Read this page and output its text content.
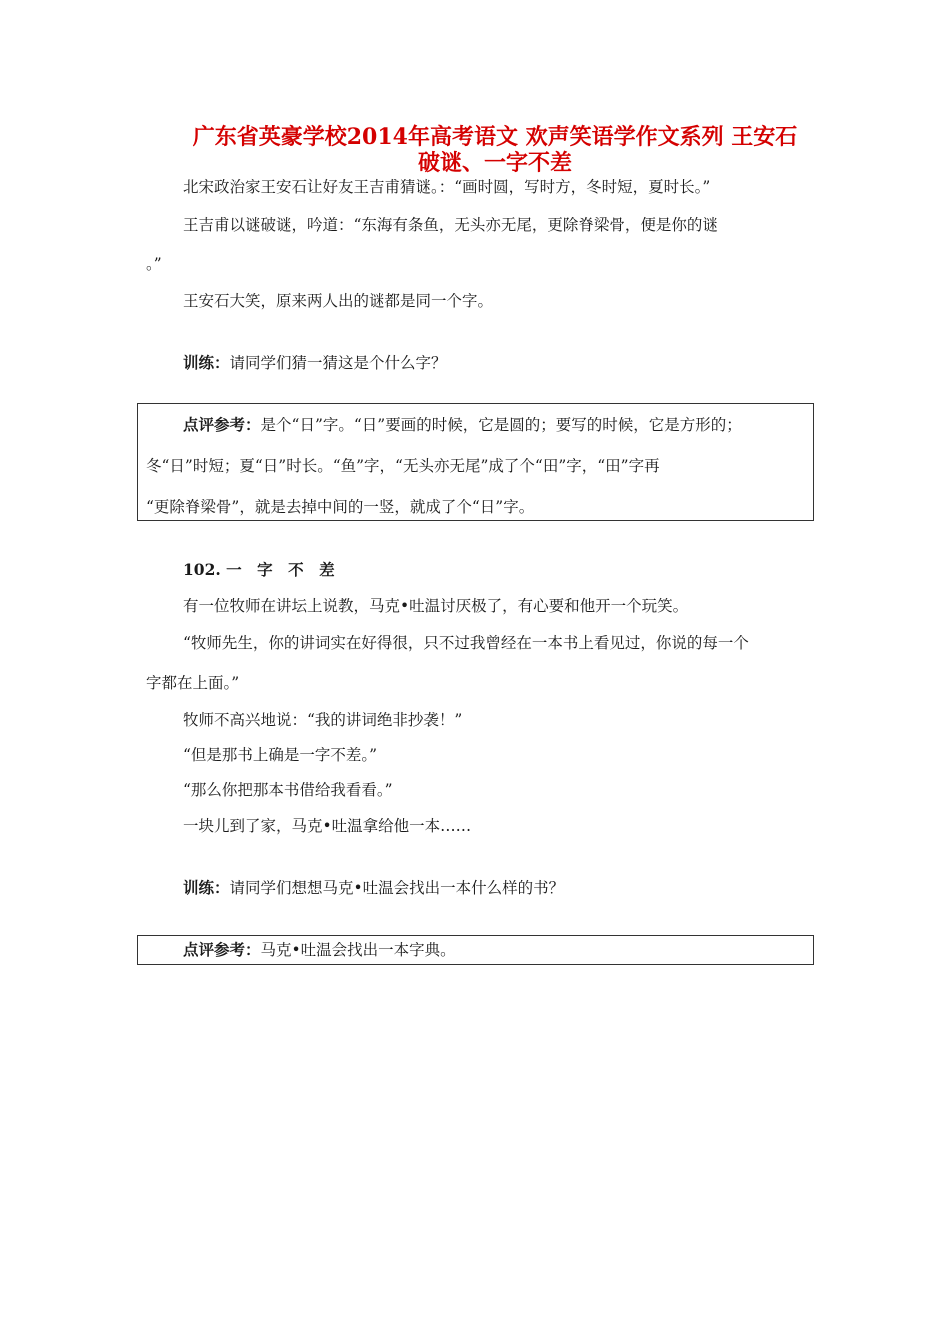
广东省英豪学校2014年高考语文 欢声笑语学作文系列 王安石
破谜、一字不差
北宋政治家王安石让好友王吉甫猜谜。：“画时圆，写时方，冬时短，夏时长。”
王吉甫以谜破谜，吟道：“东海有条鱼，无头亦无尾，更除脊梁骨，便是你的谜
。”
王安石大笑，原来两人出的谜都是同一个字。
训练：请同学们猜一猜这是个什么字？
点评参考：是个“日”字。“日”要画的时候，它是圆的；要写的时候，它是方形的；
冬“日”时短；夏“日”时长。“鱼”字，“无头亦无尾”成了个“田”字，“田”字再
“更除脊梁骨”，就是去掉中间的一竖，就成了个“日”字。
102. 一　字　不　差
有一位牧师在讲坛上说教，马克•吐温讨厌极了，有心要和他开一个玩笑。
“牧师先生，你的讲词实在好得很，只不过我曾经在一本书上看见过，你说的每一个
字都在上面。”
牧师不高兴地说：“我的讲词绝非抄袭！”
“但是那书上确是一字不差。”
“那么你把那本书借给我看看。”
一块儿到了家，马克•吐温拿给他一本……
训练：请同学们想想马克•吐温会找出一本什么样的书？
点评参考：马克•吐温会找出一本字典。
